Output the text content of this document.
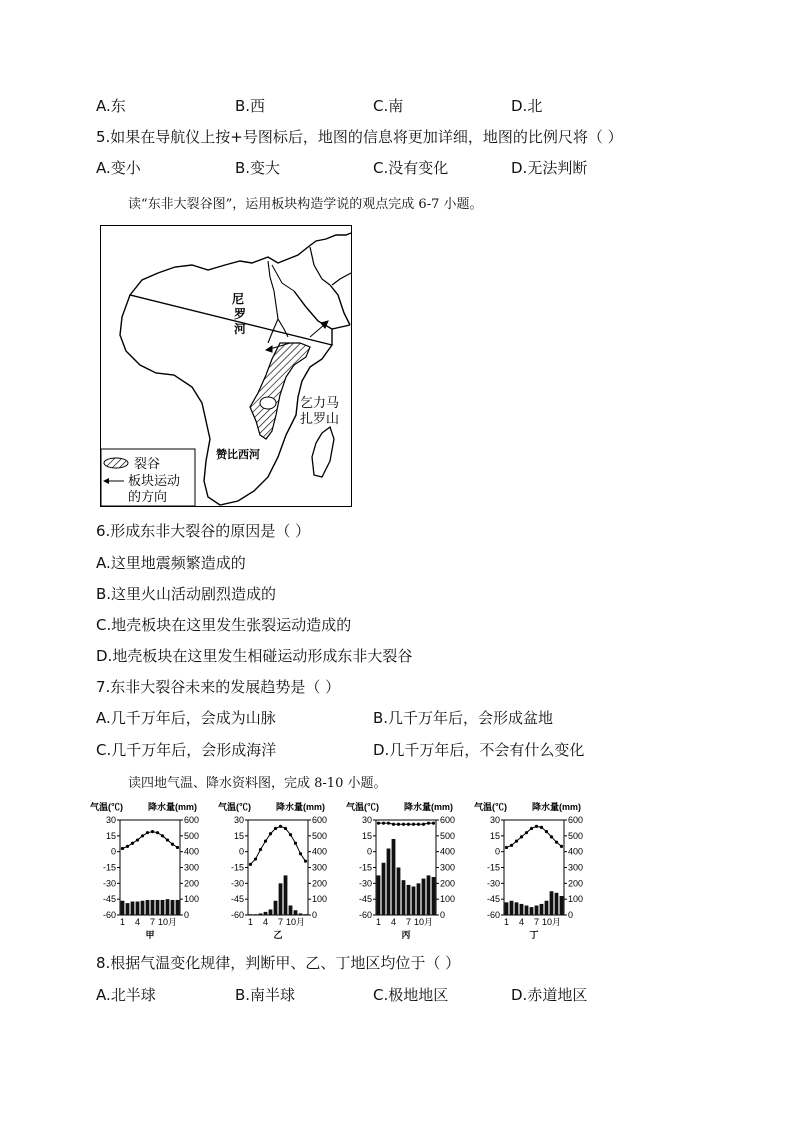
A.东	B.西	C.南	D.北
5.如果在导航仪上按+号图标后，地图的信息将更加详细，地图的比例尺将（ ）
A.变小	B.变大	C.没有变化	D.无法判断
读“东非大裂谷图”，运用板块构造学说的观点完成 6-7 小题。
尼罗河
乞力马 扎罗山
赞比西河
裂谷
板块运动 的方向
6.形成东非大裂谷的原因是（ ）
A.这里地震频繁造成的
B.这里火山活动剧烈造成的
C.地壳板块在这里发生张裂运动造成的
D.地壳板块在这里发生相碰运动形成东非大裂谷
7.东非大裂谷未来的发展趋势是（ ）
A.几千万年后，会成为山脉	B.几千万年后，会形成盆地
C.几千万年后，会形成海洋	D.几千万年后，不会有什么变化
读四地气温、降水资料图，完成 8-10 小题。
气温(℃)	降水量(mm)
30
15
0
-15
-30
-45
-60
600
500
400
300
200
100
0
1 4 7 10月
甲
气温(℃)	降水量(mm)
30
15
0
-15
-30
-45
-60
600
500
400
300
200
100
0
1 4 7 10月
乙
气温(℃)	降水量(mm)
30
15
0
-15
-30
-45
-60
600
500
400
300
200
100
0
1 4 7 10月
丙
气温(℃)	降水量(mm)
30
15
0
-15
-30
-45
-60
600
500
400
300
200
100
0
1 4 7 10月
丁
8.根据气温变化规律，判断甲、乙、丁地区均位于（ ）
A.北半球	B.南半球	C.极地地区	D.赤道地区
